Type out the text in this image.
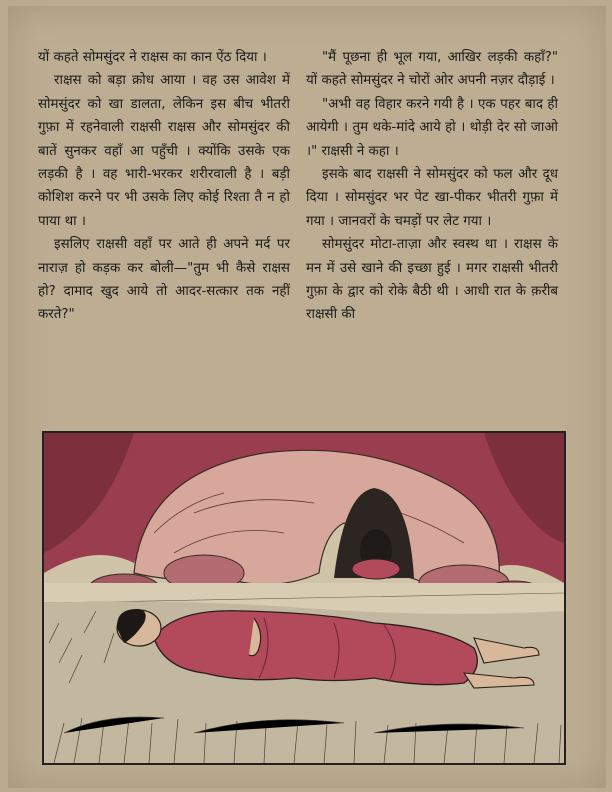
यों कहते सोमसुंदर ने राक्षस का कान ऐंठ दिया ।

राक्षस को बड़ा क्रोध आया । वह उस आवेश में सोमसुंदर को खा डालता, लेकिन इस बीच भीतरी गुफ़ा में रहनेवाली राक्षसी राक्षस और सोमसुंदर की बातें सुनकर वहाँ आ पहुँची । क्योंकि उसके एक लड़की है । वह भारी-भरकर शरीरवाली है । बड़ी कोशिश करने पर भी उसके लिए कोई रिश्ता तै न हो पाया था ।

इसलिए राक्षसी वहाँ पर आते ही अपने मर्द पर नाराज़ हो कड़क कर बोली—"तुम भी कैसे राक्षस हो? दामाद खुद आये तो आदर-सत्कार तक नहीं करते?"

"मैं पूछना ही भूल गया, आखिर लड़की कहाँ?" यों कहते सोमसुंदर ने चोरों ओर अपनी नज़र दौड़ाई ।

"अभी वह विहार करने गयी है । एक पहर बाद ही आयेगी । तुम थके-मांदे आये हो । थोड़ी देर सो जाओ ।" राक्षसी ने कहा ।

इसके बाद राक्षसी ने सोमसुंदर को फल और दूध दिया । सोमसुंदर भर पेट खा-पीकर भीतरी गुफ़ा में गया । जानवरों के चमड़ों पर लेट गया ।

सोमसुंदर मोटा-ताज़ा और स्वस्थ था । राक्षस के मन में उसे खाने की इच्छा हुई । मगर राक्षसी भीतरी गुफ़ा के द्वार को रोके बैठी थी । आधी रात के क़रीब राक्षसी की
